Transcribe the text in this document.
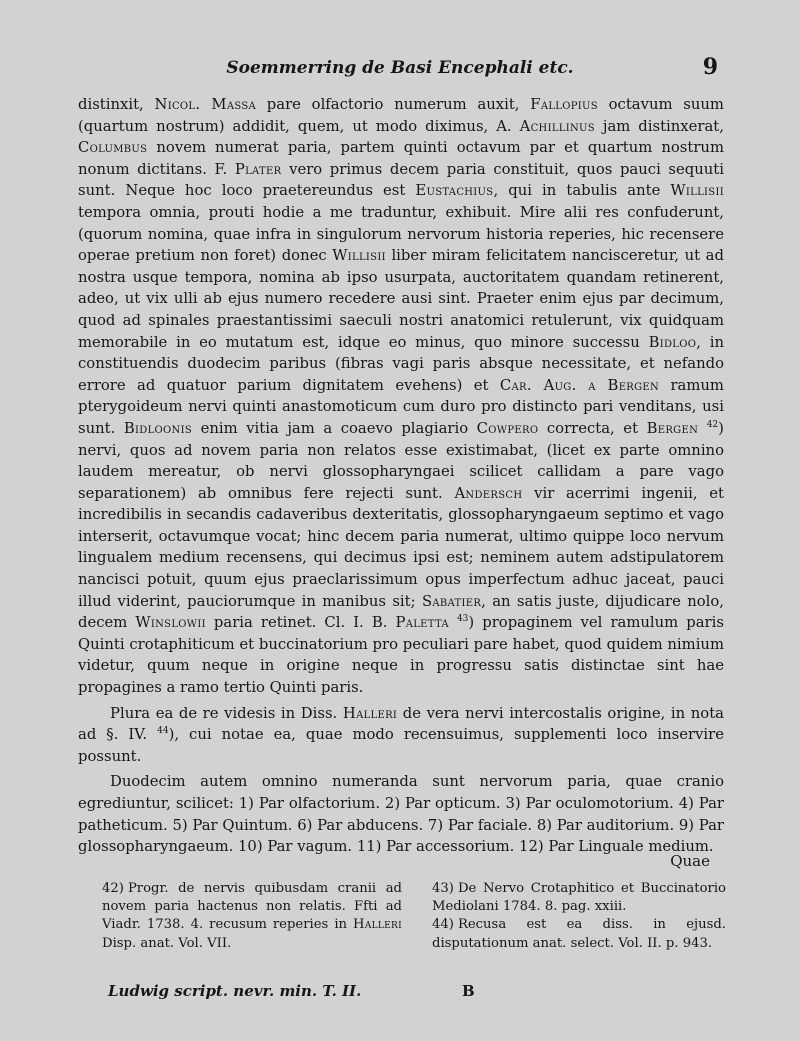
Soemmerring de Basi Encephali etc.	9

distinxit, Nicol. Massa pare olfactorio numerum auxit, Fallopius octavum suum (quartum nostrum) addidit, quem, ut modo diximus, A. Achillinus jam distinxerat, Columbus novem numerat paria, partem quinti octavum par et quartum nostrum nonum dictitans. F. Plater vero primus decem paria constituit, quos pauci sequuti sunt. Neque hoc loco praetereundus est Eustachius, qui in tabulis ante Willisii tempora omnia, prouti hodie a me traduntur, exhibuit. Mire alii res confuderunt, (quorum nomina, quae infra in singulorum nervorum historia reperies, hic recensere operae pretium non foret) donec Willisii liber miram felicitatem nancisceretur, ut ad nostra usque tempora, nomina ab ipso usurpata, auctoritatem quandam retinerent, adeo, ut vix ulli ab ejus numero recedere ausi sint. Praeter enim ejus par decimum, quod ad spinales praestantissimi saeculi nostri anatomici retulerunt, vix quidquam memorabile in eo mutatum est, idque eo minus, quo minore successu Bidloo, in constituendis duodecim paribus (fibras vagi paris absque necessitate, et nefando errore ad quatuor parium dignitatem evehens) et Car. Aug. a Bergen ramum pterygoideum nervi quinti anastomoticum cum duro pro distincto pari venditans, usi sunt. Bidloonis enim vitia jam a coaevo plagiario Cowpero correcta, et Bergen $^{42}$) nervi, quos ad novem paria non relatos esse existimabat, (licet ex parte omnino laudem mereatur, ob nervi glossopharyngaei scilicet callidam a pare vago separationem) ab omnibus fere rejecti sunt. Andersch vir acerrimi ingenii, et incredibilis in secandis cadaveribus dexteritatis, glossopharyngaeum septimo et vago interserit, octavumque vocat; hinc decem paria numerat, ultimo quippe loco nervum lingualem medium recensens, qui decimus ipsi est; neminem autem adstipulatorem nancisci potuit, quum ejus praeclarissimum opus imperfectum adhuc jaceat, pauci illud viderint, pauciorumque in manibus sit; Sabatier, an satis juste, dijudicare nolo, decem Winslowii paria retinet. Cl. I. B. Paletta $^{43}$) propaginem vel ramulum paris Quinti crotaphiticum et buccinatorium pro peculiari pare habet, quod quidem nimium videtur, quum neque in origine neque in progressu satis distinctae sint hae propagines a ramo tertio Quinti paris.

Plura ea de re videsis in Diss. Halleri de vera nervi intercostalis origine, in nota ad §. IV. $^{44}$), cui notae ea, quae modo recensuimus, supplementi loco inservire possunt.

Duodecim autem omnino numeranda sunt nervorum paria, quae cranio egrediuntur, scilicet: 1) Par olfactorium. 2) Par opticum. 3) Par oculomotorium. 4) Par patheticum. 5) Par Quintum. 6) Par abducens. 7) Par faciale. 8) Par auditorium. 9) Par glossopharyngaeum. 10) Par vagum. 11) Par accessorium. 12) Par Linguale medium.

Quae

42) Progr. de nervis quibusdam cranii ad novem paria hactenus non relatis. Ffti ad Viadr. 1738. 4. recusum reperies in Halleri Disp. anat. Vol. VII.

43) De Nervo Crotaphitico et Buccinatorio Mediolani 1784. 8. pag. xxiii.

44) Recusa est ea diss. in ejusd. disputationum anat. select. Vol. II. p. 943.

Ludwig script. nevr. min. T. II.	B
